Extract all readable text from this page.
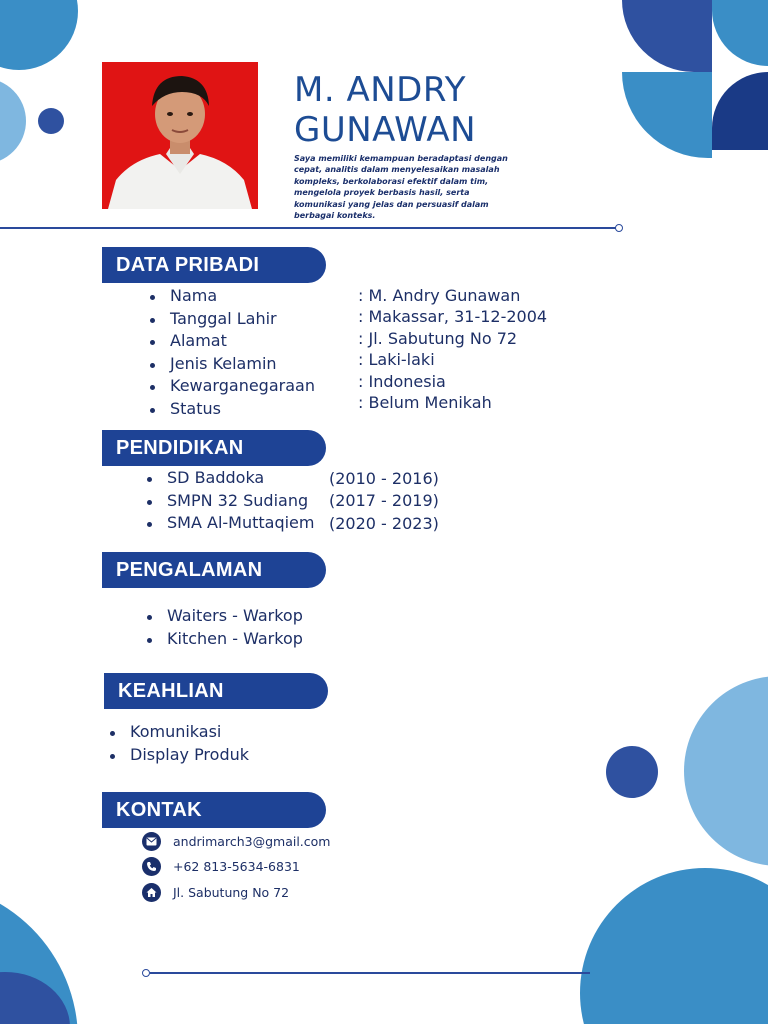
M. ANDRY
GUNAWAN
Saya memiliki kemampuan beradaptasi dengan cepat, analitis dalam menyelesaikan masalah kompleks, berkolaborasi efektif dalam tim, mengelola proyek berbasis hasil, serta komunikasi yang jelas dan persuasif dalam berbagai konteks.
DATA PRIBADI
Nama
Tanggal Lahir
Alamat
Jenis Kelamin
Kewarganegaraan
Status
: M. Andry Gunawan
: Makassar, 31-12-2004
: Jl. Sabutung No 72
: Laki-laki
: Indonesia
: Belum Menikah
PENDIDIKAN
SD Baddoka
SMPN 32 Sudiang
SMA Al-Muttaqiem
(2010 - 2016)
(2017 - 2019)
(2020 - 2023)
PENGALAMAN
Waiters - Warkop
Kitchen - Warkop
KEAHLIAN
Komunikasi
Display Produk
KONTAK
andrimarch3@gmail.com
+62 813-5634-6831
Jl. Sabutung No 72
